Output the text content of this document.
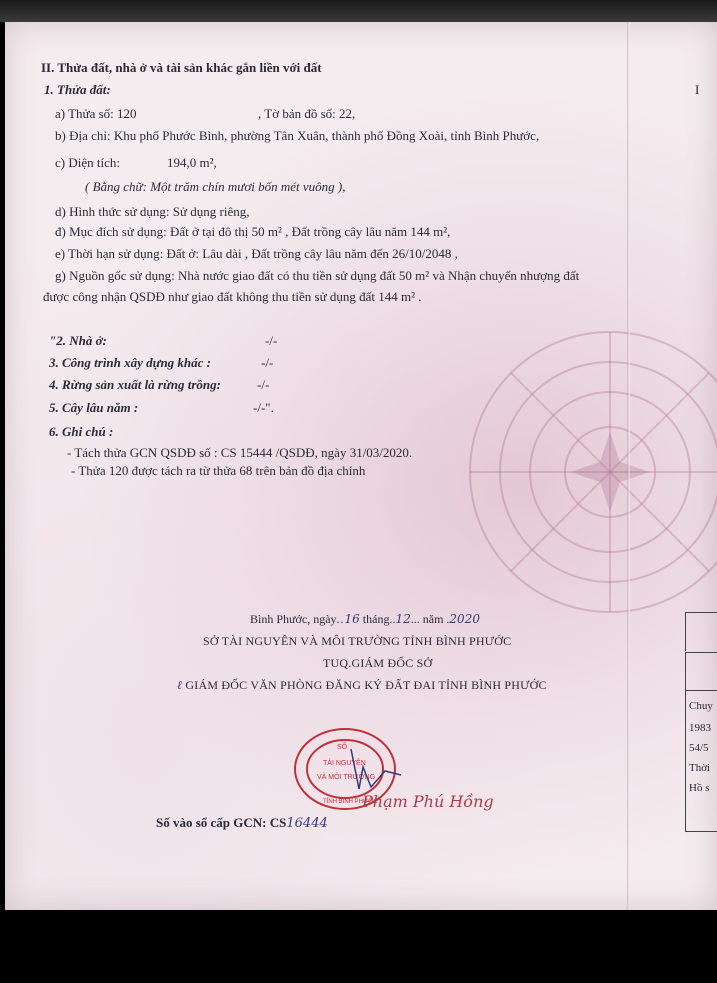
I
II. Thửa đất, nhà ở và tài sản khác gắn liền với đất
1. Thửa đất:
a) Thửa số: 120	, Tờ bản đồ số: 22,
b) Địa chỉ: Khu phố Phước Bình, phường Tân Xuân, thành phố Đồng Xoài, tỉnh Bình Phước,
c) Diện tích:	194,0 m²,
( Bằng chữ: Một trăm chín mươi bốn mét vuông ),
d) Hình thức sử dụng: Sử dụng riêng,
đ) Mục đích sử dụng: Đất ở tại đô thị 50 m² , Đất trồng cây lâu năm 144 m²,
e) Thời hạn sử dụng: Đất ở: Lâu dài , Đất trồng cây lâu năm đến 26/10/2048 ,
g) Nguồn gốc sử dụng: Nhà nước giao đất có thu tiền sử dụng đất 50 m² và Nhận chuyển nhượng đất
được công nhận QSDĐ như giao đất không thu tiền sử dụng đất 144 m² .
"2. Nhà ở:	-/-
3. Công trình xây dựng khác :	-/-
4. Rừng sản xuất là rừng trồng:	-/-
5. Cây lâu năm :	-/-".
6. Ghi chú :
- Tách thửa GCN QSDĐ số : CS 15444 /QSDĐ, ngày 31/03/2020.
- Thửa 120 được tách ra từ thửa 68 trên bản đồ địa chính
Bình Phước, ngày..16 tháng..12... năm .2020
SỞ TÀI NGUYÊN VÀ MÔI TRƯỜNG TỈNH BÌNH PHƯỚC
TUQ.GIÁM ĐỐC SỞ
ℓ GIÁM ĐỐC VĂN PHÒNG ĐĂNG KÝ ĐẤT ĐAI TỈNH BÌNH PHƯỚC
SỐ
TÀI NGUYÊN
VÀ MÔI TRƯỜNG
TỈNH BÌNH PHƯỚC
Phạm Phú Hồng
Số vào sổ cấp GCN: CS16444
Chuy
1983
54/5
Thời
Hồ s
